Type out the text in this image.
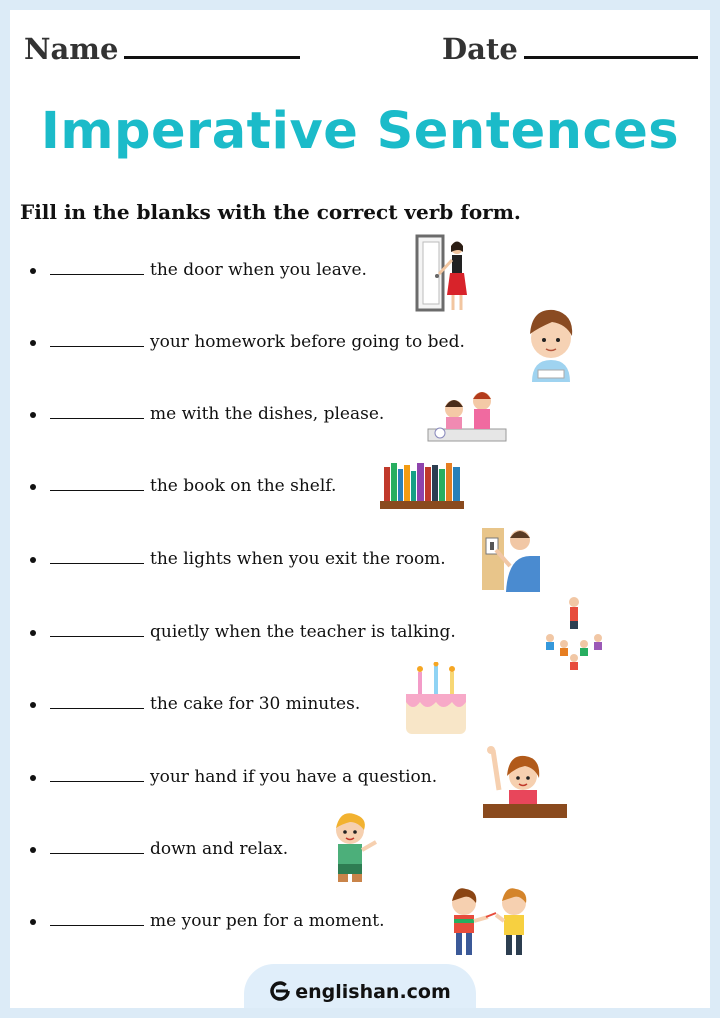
Name	Date
Imperative Sentences
Fill in the blanks with the correct verb form.
the door when you leave.
your homework before going to bed.
me with the dishes, please.
the book on the shelf.
the lights when you exit the room.
quietly when the teacher is talking.
the cake for 30 minutes.
your hand if you have a question.
down and relax.
me your pen for a moment.
englishan.com
